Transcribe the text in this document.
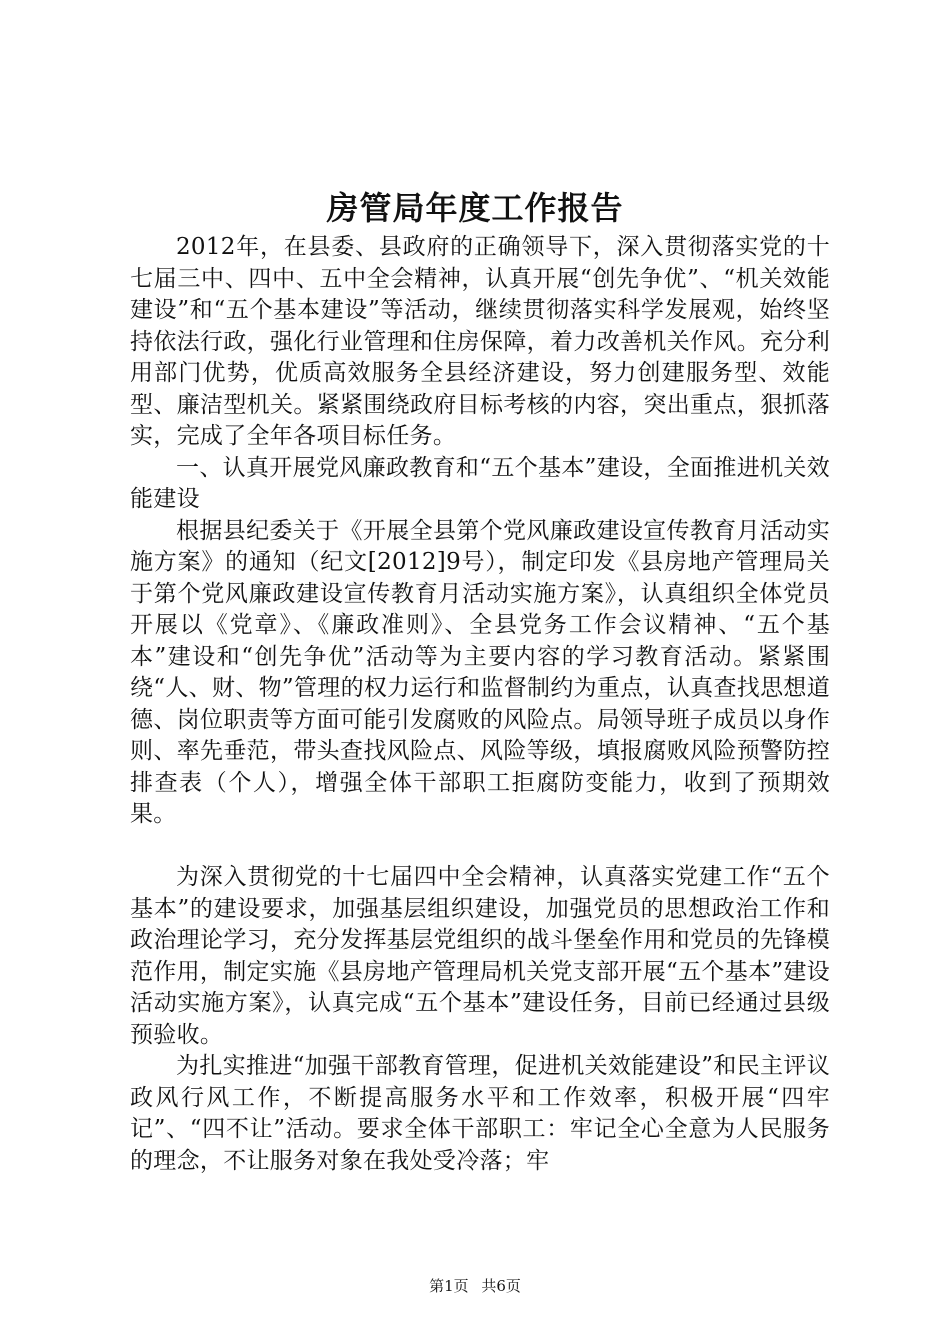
房管局年度工作报告

2012年，在县委、县政府的正确领导下，深入贯彻落实党的十七届三中、四中、五中全会精神，认真开展“创先争优”、“机关效能建设”和“五个基本建设”等活动，继续贯彻落实科学发展观，始终坚持依法行政，强化行业管理和住房保障，着力改善机关作风。充分利用部门优势，优质高效服务全县经济建设，努力创建服务型、效能型、廉洁型机关。紧紧围绕政府目标考核的内容，突出重点，狠抓落实，完成了全年各项目标任务。

一、认真开展党风廉政教育和“五个基本”建设，全面推进机关效能建设

根据县纪委关于《开展全县第个党风廉政建设宣传教育月活动实施方案》的通知（纪文[2012]9号），制定印发《县房地产管理局关于第个党风廉政建设宣传教育月活动实施方案》，认真组织全体党员开展以《党章》、《廉政准则》、全县党务工作会议精神、“五个基本”建设和“创先争优”活动等为主要内容的学习教育活动。紧紧围绕“人、财、物”管理的权力运行和监督制约为重点，认真查找思想道德、岗位职责等方面可能引发腐败的风险点。局领导班子成员以身作则、率先垂范，带头查找风险点、风险等级，填报腐败风险预警防控排查表（个人），增强全体干部职工拒腐防变能力，收到了预期效果。

为深入贯彻党的十七届四中全会精神，认真落实党建工作“五个基本”的建设要求，加强基层组织建设，加强党员的思想政治工作和政治理论学习，充分发挥基层党组织的战斗堡垒作用和党员的先锋模范作用，制定实施《县房地产管理局机关党支部开展“五个基本”建设活动实施方案》，认真完成“五个基本”建设任务，目前已经通过县级预验收。

为扎实推进“加强干部教育管理，促进机关效能建设”和民主评议政风行风工作，不断提高服务水平和工作效率，积极开展“四牢记”、“四不让”活动。要求全体干部职工：牢记全心全意为人民服务的理念，不让服务对象在我处受冷落；牢

第1页 共6页
